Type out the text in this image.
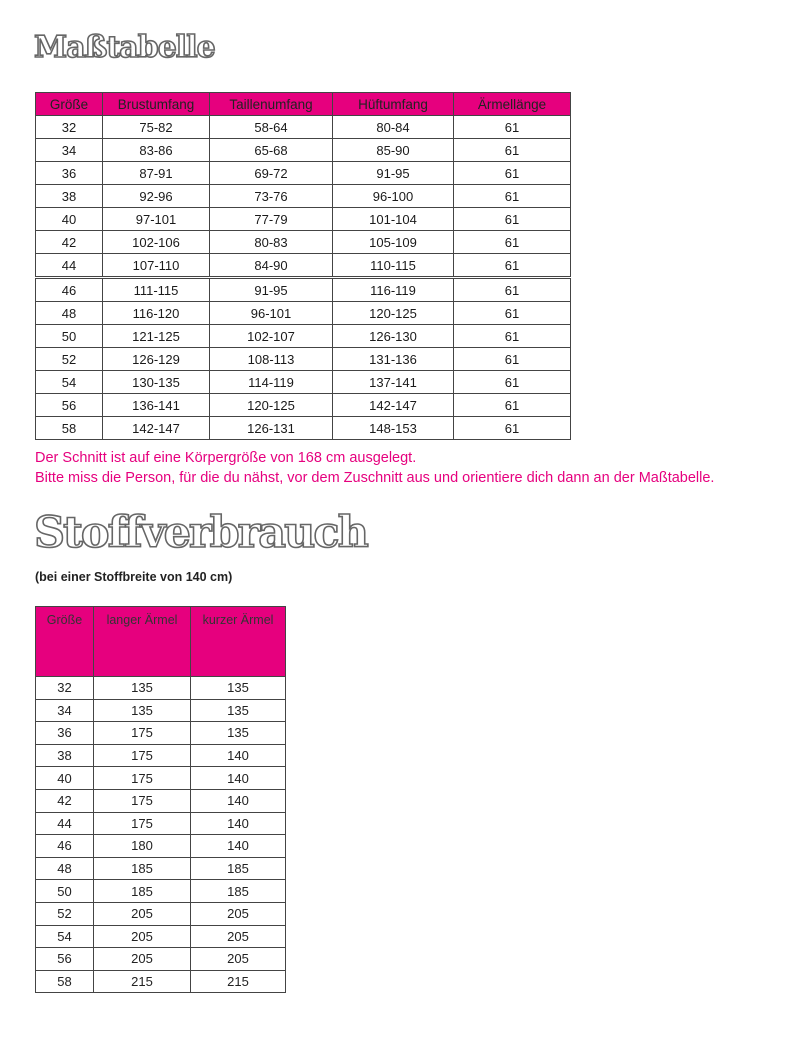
Maßtabelle
Größe	Brustumfang	Taillenumfang	Hüftumfang	Ärmellänge
32	75-82	58-64	80-84	61
34	83-86	65-68	85-90	61
36	87-91	69-72	91-95	61
38	92-96	73-76	96-100	61
40	97-101	77-79	101-104	61
42	102-106	80-83	105-109	61
44	107-110	84-90	110-115	61
46	111-115	91-95	116-119	61
48	116-120	96-101	120-125	61
50	121-125	102-107	126-130	61
52	126-129	108-113	131-136	61
54	130-135	114-119	137-141	61
56	136-141	120-125	142-147	61
58	142-147	126-131	148-153	61

Der Schnitt ist auf eine Körpergröße von 168 cm ausgelegt.

Bitte miss die Person, für die du nähst, vor dem Zuschnitt aus und orientiere dich dann an der Maßtabelle.

Stoffverbrauch

(bei einer Stoffbreite von 140 cm)

Größe	langer Ärmel	kurzer Ärmel
32	135	135
34	135	135
36	175	135
38	175	140
40	175	140
42	175	140
44	175	140
46	180	140
48	185	185
50	185	185
52	205	205
54	205	205
56	205	205
58	215	215
